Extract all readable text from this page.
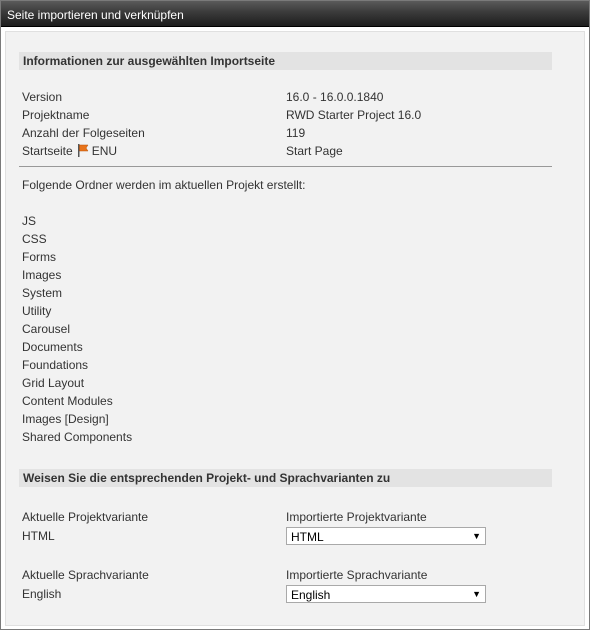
Seite importieren und verknüpfen
Informationen zur ausgewählten Importseite
Version	16.0 - 16.0.0.1840
Projektname	RWD Starter Project 16.0
Anzahl der Folgeseiten	119
Startseite ENU	Start Page
Folgende Ordner werden im aktuellen Projekt erstellt:
JS
CSS
Forms
Images
System
Utility
Carousel
Documents
Foundations
Grid Layout
Content Modules
Images [Design]
Shared Components
Weisen Sie die entsprechenden Projekt- und Sprachvarianten zu
Aktuelle Projektvariante	Importierte Projektvariante
HTML	HTML	▼
Aktuelle Sprachvariante	Importierte Sprachvariante
English	English	▼
